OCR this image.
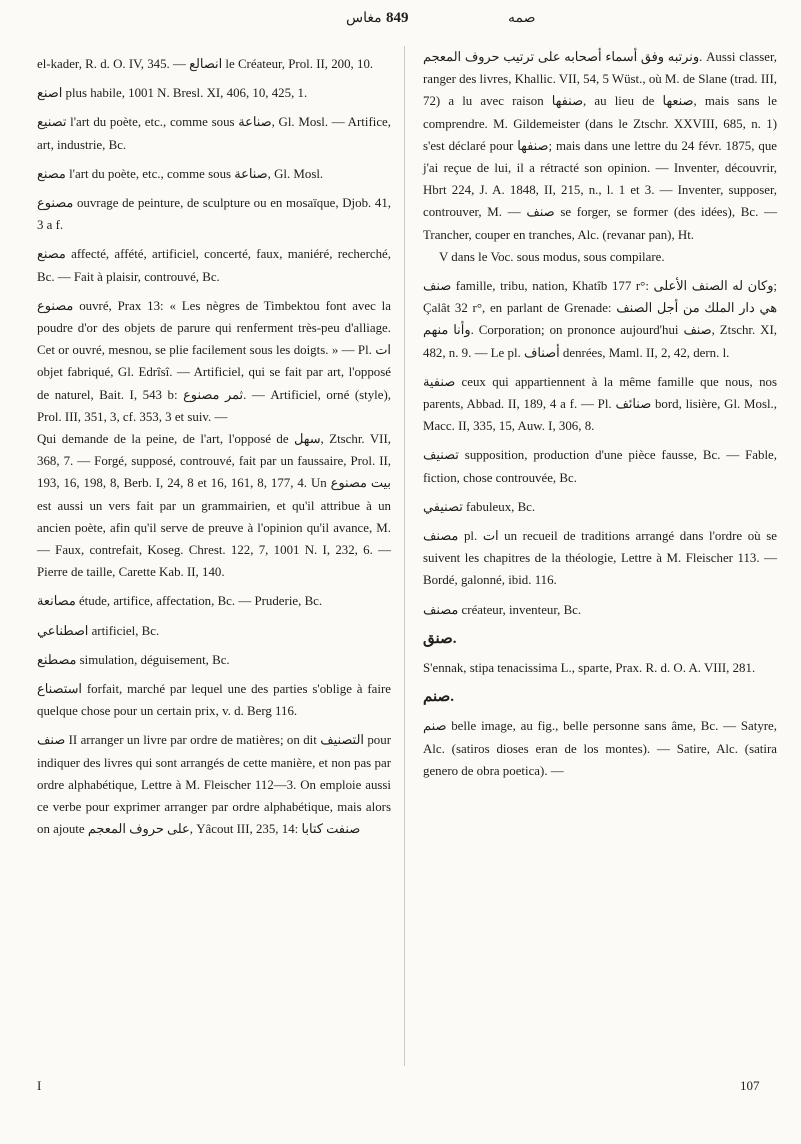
مغاس 849	صمه

el-kader, R. d. O. IV, 345. — انصالع le Créateur, Prol. II, 200, 10.

اصنع plus habile, 1001 N. Bresl. XI, 406, 10, 425, 1.

تصنيع l'art du poète, etc., comme sous صناعة, Gl. Mosl. — Artifice, art, industrie, Bc.

مصنع l'art du poète, etc., comme sous صناعة, Gl. Mosl.

مصنوع ouvrage de peinture, de sculpture ou en mosaïque, Djob. 41, 3 a f.

مصنع affecté, affété, artificiel, concerté, faux, maniéré, recherché, Bc. — Fait à plaisir, controuvé, Bc.

مصنوع ouvré, Prax 13: « Les nègres de Timbektou font avec la poudre d'or des objets de parure qui renferment très-peu d'alliage. Cet or ouvré, mesnou, se plie facilement sous les doigts. » — Pl. ات objet fabriqué, Gl. Edrîsî. — Artificiel, qui se fait par art, l'opposé de naturel, Bait. I, 543 b: ثمر مصنوع. — Artificiel, orné (style), Prol. III, 351, 3, cf. 353, 3 et suiv. —

Qui demande de la peine, de l'art, l'opposé de سهل, Ztschr. VII, 368, 7. — Forgé, supposé, controuvé, fait par un faussaire, Prol. II, 193, 16, 198, 8, Berb. I, 24, 8 et 16, 161, 8, 177, 4. Un بيت مصنوع est aussi un vers fait par un grammairien, et qu'il attribue à un ancien poète, afin qu'il serve de preuve à l'opinion qu'il avance, M. — Faux, contrefait, Koseg. Chrest. 122, 7, 1001 N. I, 232, 6. — Pierre de taille, Carette Kab. II, 140.

مصانعة étude, artifice, affectation, Bc. — Pruderie, Bc.

اصطناعي artificiel, Bc.

مصطنع simulation, déguisement, Bc.

استصناع forfait, marché par lequel une des parties s'oblige à faire quelque chose pour un certain prix, v. d. Berg 116.

صنف II arranger un livre par ordre de matières; on dit التصنيف pour indiquer des livres qui sont arrangés de cette manière, et non pas par ordre alphabétique, Lettre à M. Fleischer 112—3. On emploie aussi ce verbe pour exprimer arranger par ordre alphabétique, mais alors on ajoute على حروف المعجم, Yâcout III, 235, 14: صنفت كتابا

ونرتبه وفق أسماء أصحابه على ترتيب حروف المعجم. Aussi classer, ranger des livres, Khallic. VII, 54, 5 Wüst., où M. de Slane (trad. III, 72) a lu avec raison صنفها, au lieu de صنعها, mais sans le comprendre. M. Gildemeister (dans le Ztschr. XXVIII, 685, n. 1) s'est déclaré pour صنفها; mais dans une lettre du 24 févr. 1875, que j'ai reçue de lui, il a rétracté son opinion. — Inventer, découvrir, Hbrt 224, J. A. 1848, II, 215, n., l. 1 et 3. — Inventer, supposer, controuver, M. — صنف se forger, se former (des idées), Bc. — Trancher, couper en tranches, Alc. (revanar pan), Ht.

V dans le Voc. sous modus, sous compilare.

صنف famille, tribu, nation, Khatîb 177 r°: وكان له الصنف الأعلى; Çalât 32 r°, en parlant de Grenade: هي دار الملك من أجل الصنف وأنا منهم. Corporation; on prononce aujourd'hui صنف, Ztschr. XI, 482, n. 9. — Le pl. أصناف denrées, Maml. II, 2, 42, dern. l.

صنفية ceux qui appartiennent à la même famille que nous, nos parents, Abbad. II, 189, 4 a f. — Pl. صنائف bord, lisière, Gl. Mosl., Macc. II, 335, 15, Auw. I, 306, 8.

تصنيف supposition, production d'une pièce fausse, Bc. — Fable, fiction, chose controuvée, Bc.

تصنيفي fabuleux, Bc.

مصنف pl. ات un recueil de traditions arrangé dans l'ordre où se suivent les chapitres de la théologie, Lettre à M. Fleischer 113. — Bordé, galonné, ibid. 116.

مصنف créateur, inventeur, Bc.

صنق.

S'ennak, stipa tenacissima L., sparte, Prax. R. d. O. A. VIII, 281.

صنم.

صنم belle image, au fig., belle personne sans âme, Bc. — Satyre, Alc. (satiros dioses eran de los montes). — Satire, Alc. (satira genero de obra poetica). —

I	107
